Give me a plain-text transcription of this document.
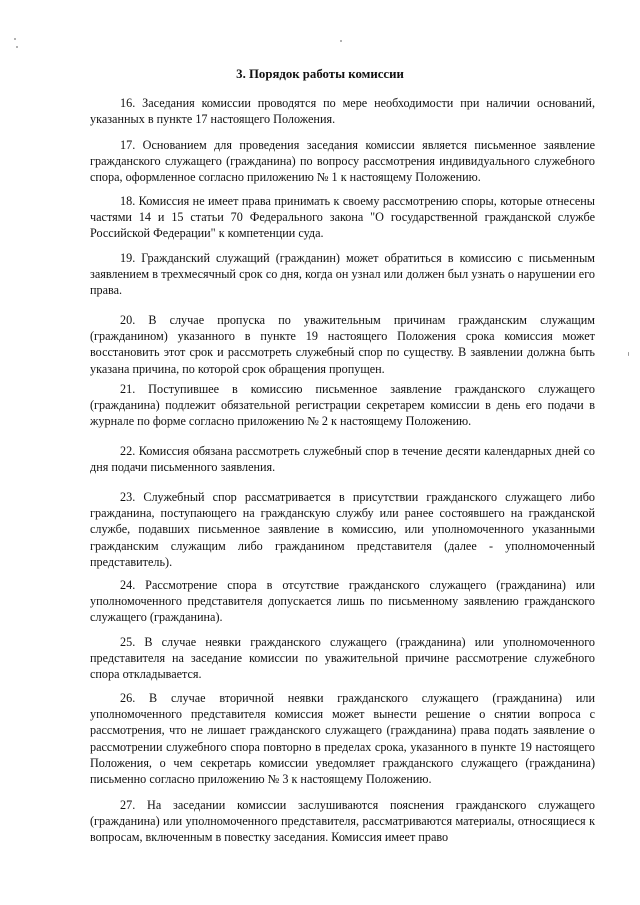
3. Порядок работы комиссии

16. Заседания комиссии проводятся по мере необходимости при наличии оснований, указанных в пункте 17 настоящего Положения.

17. Основанием для проведения заседания комиссии является письменное заявление гражданского служащего (гражданина) по вопросу рассмотрения индивидуального служебного спора, оформленное согласно приложению № 1 к настоящему Положению.

18. Комиссия не имеет права принимать к своему рассмотрению споры, которые отнесены частями 14 и 15 статьи 70 Федерального закона "О государственной гражданской службе Российской Федерации" к компетенции суда.

19. Гражданский служащий (гражданин) может обратиться в комиссию с письменным заявлением в трехмесячный срок со дня, когда он узнал или должен был узнать о нарушении его права.

20. В случае пропуска по уважительным причинам гражданским служащим (гражданином) указанного в пункте 19 настоящего Положения срока комиссия может восстановить этот срок и рассмотреть служебный спор по существу. В заявлении должна быть указана причина, по которой срок обращения пропущен.

21. Поступившее в комиссию письменное заявление гражданского служащего (гражданина) подлежит обязательной регистрации секретарем комиссии в день его подачи в журнале по форме согласно приложению № 2 к настоящему Положению.

22. Комиссия обязана рассмотреть служебный спор в течение десяти календарных дней со дня подачи письменного заявления.

23. Служебный спор рассматривается в присутствии гражданского служащего либо гражданина, поступающего на гражданскую службу или ранее состоявшего на гражданской службе, подавших письменное заявление в комиссию, или уполномоченного указанными гражданским служащим либо гражданином представителя (далее - уполномоченный представитель).

24. Рассмотрение спора в отсутствие гражданского служащего (гражданина) или уполномоченного представителя допускается лишь по письменному заявлению гражданского служащего (гражданина).

25. В случае неявки гражданского служащего (гражданина) или уполномоченного представителя на заседание комиссии по уважительной причине рассмотрение служебного спора откладывается.

26. В случае вторичной неявки гражданского служащего (гражданина) или уполномоченного представителя комиссия может вынести решение о снятии вопроса с рассмотрения, что не лишает гражданского служащего (гражданина) права подать заявление о рассмотрении служебного спора повторно в пределах срока, указанного в пункте 19 настоящего Положения, о чем секретарь комиссии уведомляет гражданского служащего (гражданина) письменно согласно приложению № 3 к настоящему Положению.

27. На заседании комиссии заслушиваются пояснения гражданского служащего (гражданина) или уполномоченного представителя, рассматриваются материалы, относящиеся к вопросам, включенным в повестку заседания. Комиссия имеет право
